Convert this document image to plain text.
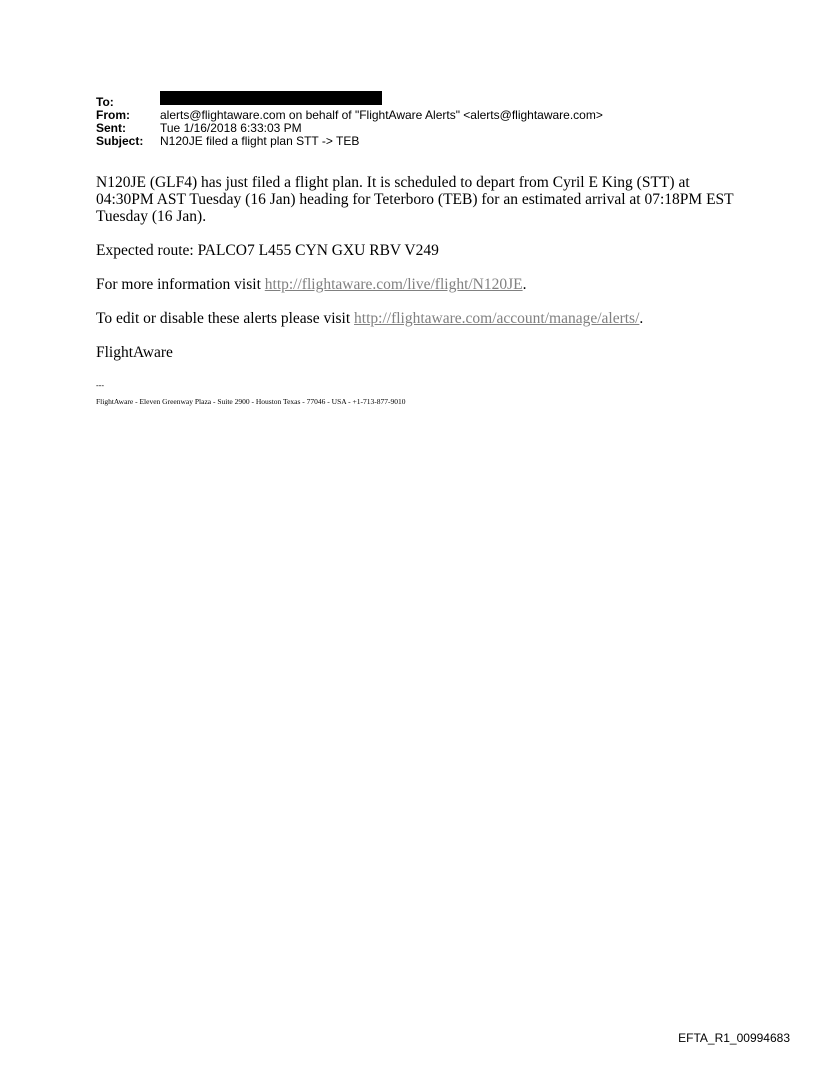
To:
From:	alerts@flightaware.com on behalf of "FlightAware Alerts" <alerts@flightaware.com>
Sent:	Tue 1/16/2018 6:33:03 PM
Subject:	N120JE filed a flight plan STT -> TEB

N120JE (GLF4) has just filed a flight plan. It is scheduled to depart from Cyril E King (STT) at 04:30PM AST Tuesday (16 Jan) heading for Teterboro (TEB) for an estimated arrival at 07:18PM EST Tuesday (16 Jan).

Expected route: PALCO7 L455 CYN GXU RBV V249

For more information visit http://flightaware.com/live/flight/N120JE.

To edit or disable these alerts please visit http://flightaware.com/account/manage/alerts/.

FlightAware

---
FlightAware - Eleven Greenway Plaza - Suite 2900 - Houston Texas - 77046 - USA - +1-713-877-9010
EFTA_R1_00994683
